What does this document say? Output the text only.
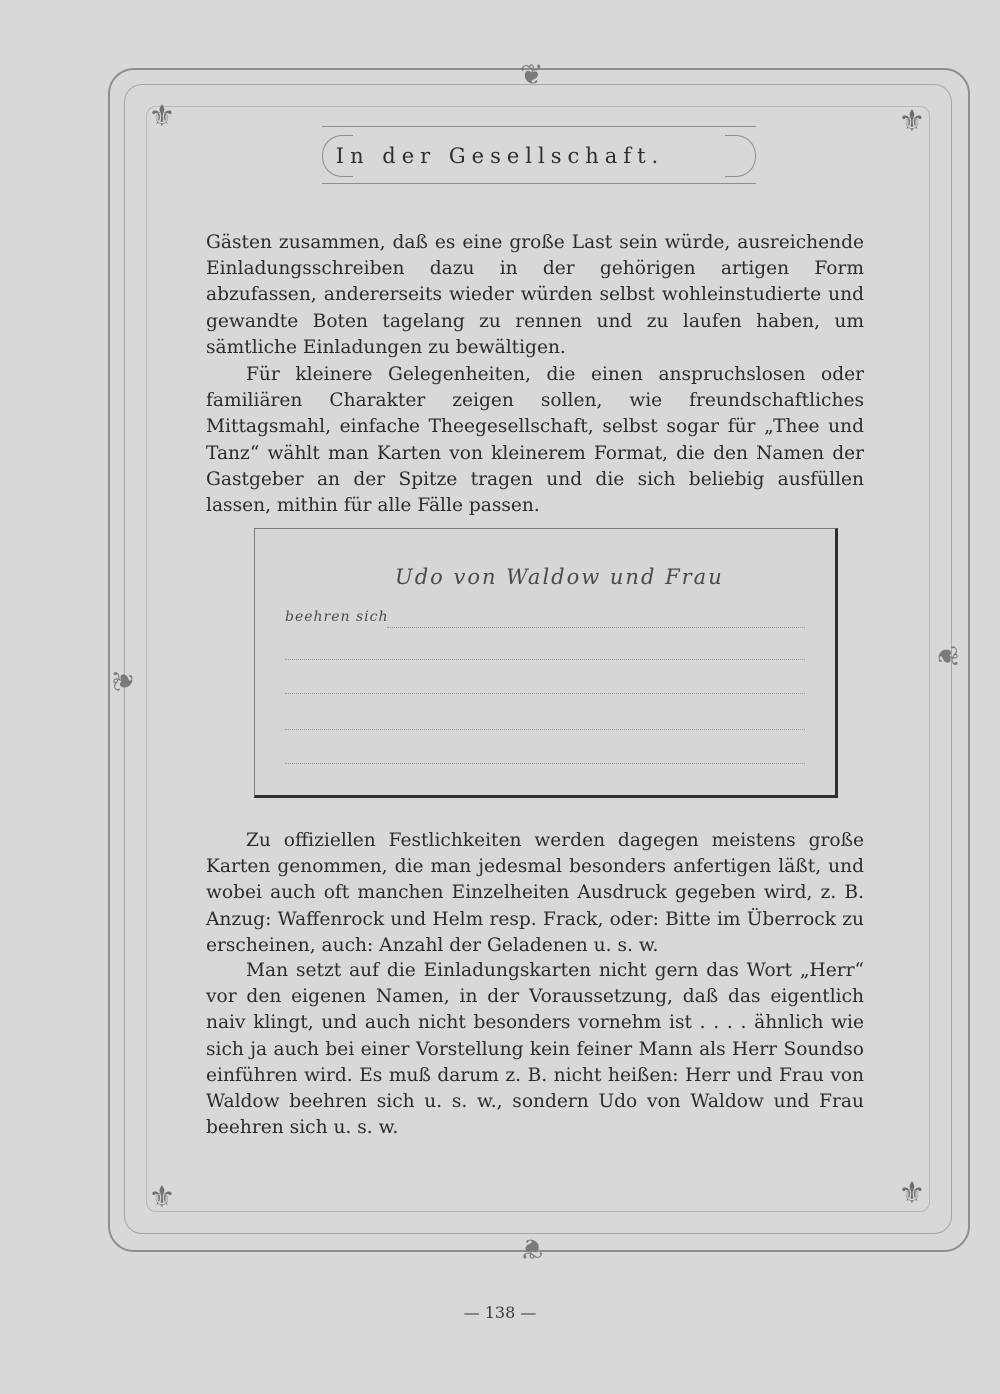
⚜	⚜
⚜	⚜
❦
❦
❦
❦
In der Gesellschaft.

Gästen zusammen, daß es eine große Last sein würde, ausreichende Einladungsschreiben dazu in der gehörigen artigen Form abzufassen, andererseits wieder würden selbst wohleinstudierte und gewandte Boten tagelang zu rennen und zu laufen haben, um sämtliche Einladungen zu bewältigen.

Für kleinere Gelegenheiten, die einen anspruchslosen oder familiären Charakter zeigen sollen, wie freundschaftliches Mittagsmahl, einfache Theegesellschaft, selbst sogar für „Thee und Tanz“ wählt man Karten von kleinerem Format, die den Namen der Gastgeber an der Spitze tragen und die sich beliebig ausfüllen lassen, mithin für alle Fälle passen.

Udo von Waldow und Frau
beehren sich

Zu offiziellen Festlichkeiten werden dagegen meistens große Karten genommen, die man jedesmal besonders anfertigen läßt, und wobei auch oft manchen Einzelheiten Ausdruck gegeben wird, z. B. Anzug: Waffenrock und Helm resp. Frack, oder: Bitte im Überrock zu erscheinen, auch: Anzahl der Geladenen u. s. w.

Man setzt auf die Einladungskarten nicht gern das Wort „Herr“ vor den eigenen Namen, in der Voraussetzung, daß das eigentlich naiv klingt, und auch nicht besonders vornehm ist . . . . ähnlich wie sich ja auch bei einer Vorstellung kein feiner Mann als Herr Soundso einführen wird. Es muß darum z. B. nicht heißen: Herr und Frau von Waldow beehren sich u. s. w., sondern Udo von Waldow und Frau beehren sich u. s. w.

— 138 —
